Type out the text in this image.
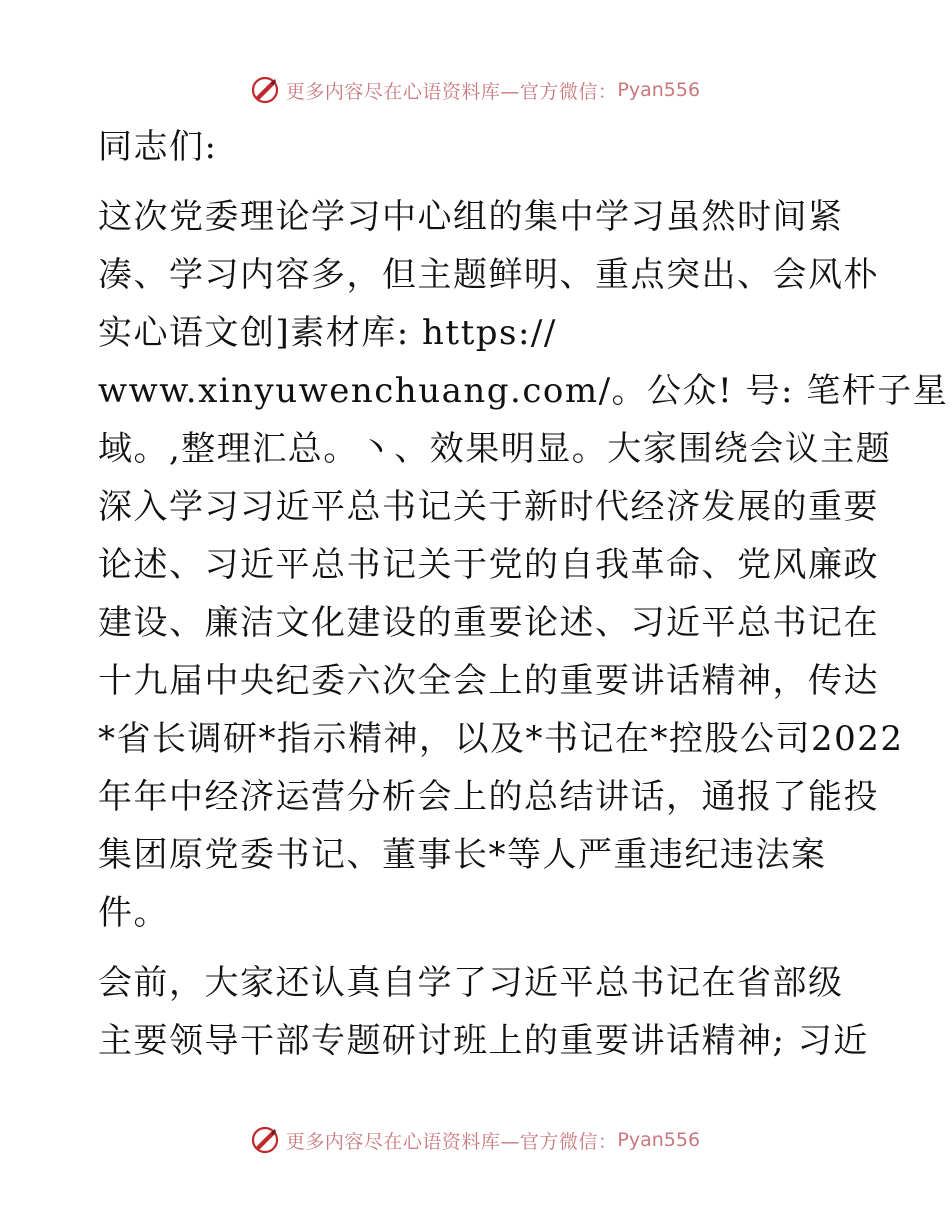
更多内容尽在心语资料库—官方微信： Pyan556
同志们:
这次党委理论学习中心组的集中学习虽然时间紧
凑、学习内容多，但主题鲜明、重点突出、会风朴
实心语文创]素材库: https://
www.xinyuwenchuang.com/。公众! 号: 笔杆子星
域。,整理汇总。丶、效果明显。大家围绕会议主题
深入学习习近平总书记关于新时代经济发展的重要
论述、习近平总书记关于党的自我革命、党风廉政
建设、廉洁文化建设的重要论述、习近平总书记在
十九届中央纪委六次全会上的重要讲话精神，传达
*省长调研*指示精神，以及*书记在*控股公司2022
年年中经济运营分析会上的总结讲话，通报了能投
集团原党委书记、董事长*等人严重违纪违法案
件。
会前，大家还认真自学了习近平总书记在省部级
主要领导干部专题研讨班上的重要讲话精神; 习近
更多内容尽在心语资料库—官方微信： Pyan556
